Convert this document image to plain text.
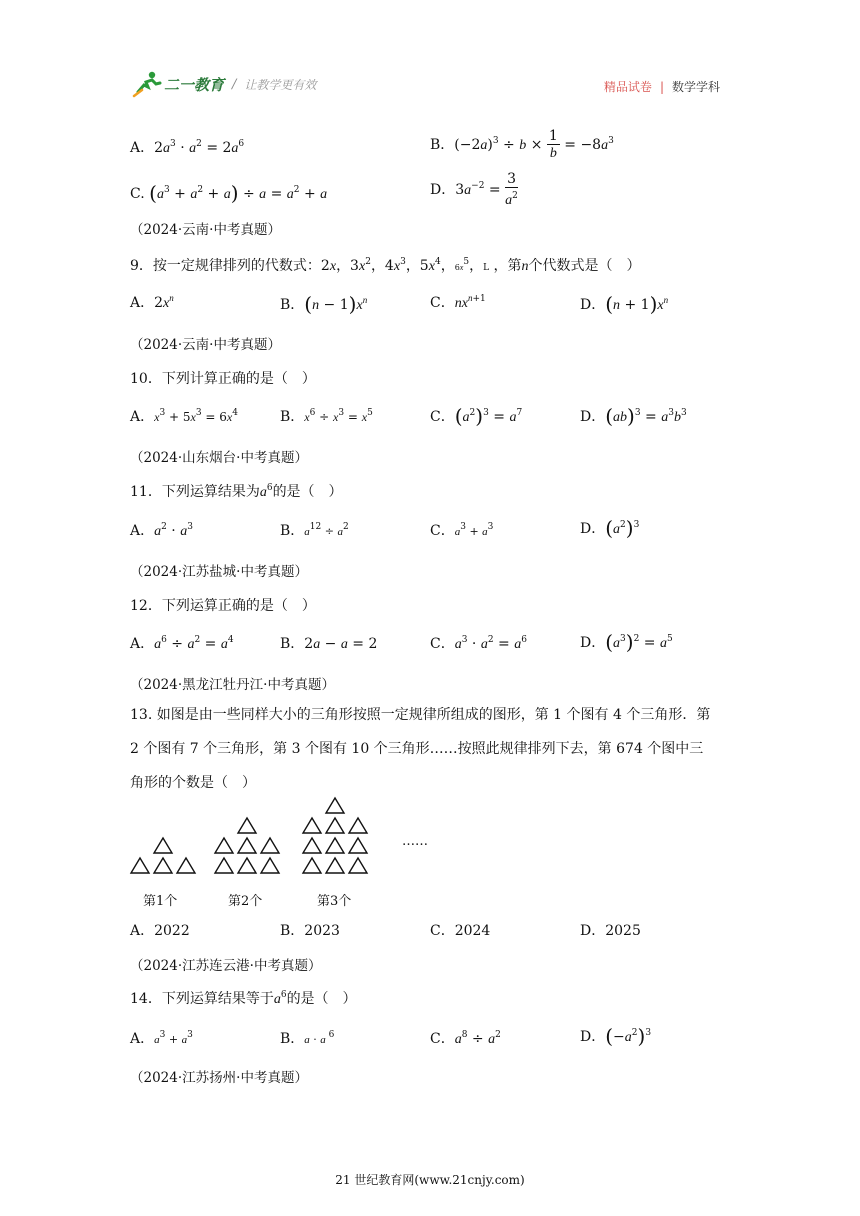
二一教育 / 让教学更有效	精品试卷 | 数学学科
A．$2a^3 \cdot a^2 = 2a^6$	B．$(-2a)^3 \div b \times \frac{1}{b} = -8a^3$
C. $(a^3 + a^2 + a) \div a = a^2 + a$	D．$3a^{-2} = \frac{3}{a^2}$
（2024·云南·中考真题）
9．按一定规律排列的代数式：2x，$3x^2$，$4x^3$，$5x^4$，$6x^5$，L ，第n个代数式是（　）
A．$2x^n$	B．$(n - 1)x^n$	C．$nx^{n+1}$	D．$(n + 1)x^n$
（2024·云南·中考真题）
10．下列计算正确的是（　）
A．$x^3 + 5x^3 = 6x^4$	B．$x^6 \div x^3 = x^5$	C．$(a^2)^3 = a^7$	D．$(ab)^3 = a^3b^3$
（2024·山东烟台·中考真题）
11．下列运算结果为$a^6$的是（　）
A．$a^2 \cdot a^3$	B．$a^{12} \div a^2$	C．$a^3 + a^3$	D．$(a^2)^3$
（2024·江苏盐城·中考真题）
12．下列运算正确的是（　）
A．$a^6 \div a^2 = a^4$	B．2a − a = 2	C．$a^3 \cdot a^2 = a^6$	D．$(a^3)^2 = a^5$
（2024·黑龙江牡丹江·中考真题）
13. 如图是由一些同样大小的三角形按照一定规律所组成的图形，第 1 个图有 4 个三角形．第
2 个图有 7 个三角形，第 3 个图有 10 个三角形……按照此规律排列下去，第 674 个图中三
角形的个数是（　）
……
第1个	第2个	第3个
A．2022	B．2023	C．2024	D．2025
（2024·江苏连云港·中考真题）
14．下列运算结果等于$a^6$的是（　）
A．$a^3 + a^3$	B．a · a $^6$	C．$a^8 \div a^2$	D．$(-a^2)^3$
（2024·江苏扬州·中考真题）
21 世纪教育网(www.21cnjy.com)
